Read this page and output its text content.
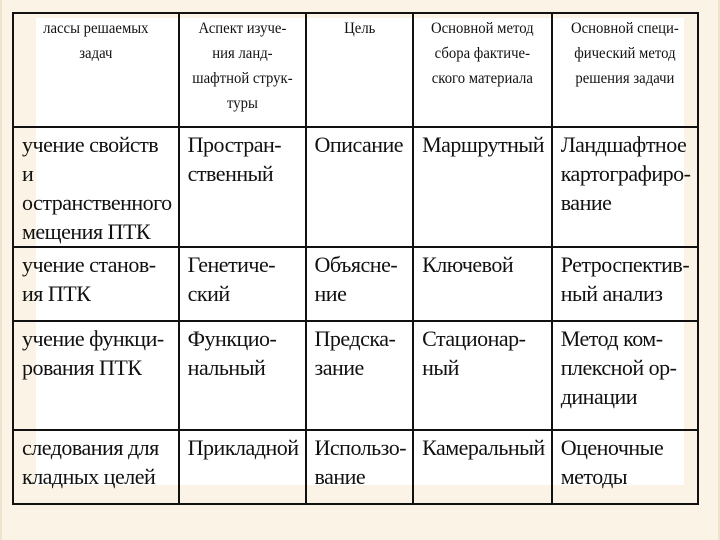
лассы решаемых
задач	Аспект изуче-
ния ланд-
шафтной струк-
туры	Цель	Основной метод
сбора фактиче-
ского материала	Основной специ-
фический метод
решения задачи

учение свойств и
остранственного
мещения ПТК	Простран-
ственный	Описание	Маршрутный	Ландшафтное
картографиро-
вание

учение станов-
ия ПТК	Генетиче-
ский	Объясне-
ние	Ключевой	Ретроспектив-
ный анализ

учение функци-
рования ПТК	Функцио-
нальный	Предска-
зание	Стационар-
ный	Метод ком-
плексной ор-
динации

следования для
кладных целей	Прикладной	Использо-
вание	Камеральный	Оценочные
методы
